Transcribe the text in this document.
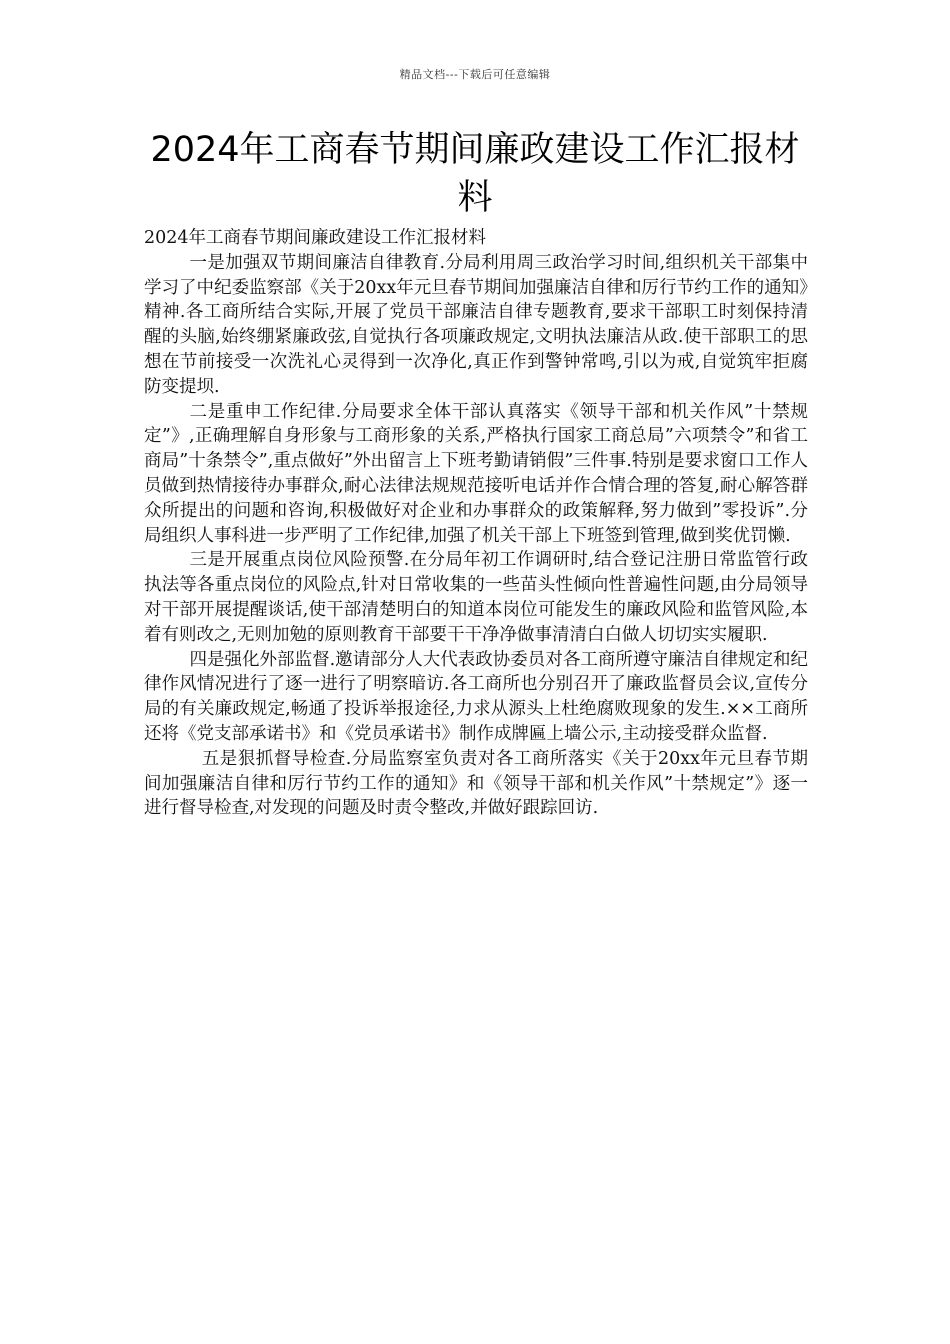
精品文档---下载后可任意编辑
2024年工商春节期间廉政建设工作汇报材料

2024年工商春节期间廉政建设工作汇报材料

一是加强双节期间廉洁自律教育.分局利用周三政治学习时间,组织机关干部集中学习了中纪委监察部《关于20xx年元旦春节期间加强廉洁自律和厉行节约工作的通知》精神.各工商所结合实际,开展了党员干部廉洁自律专题教育,要求干部职工时刻保持清醒的头脑,始终绷紧廉政弦,自觉执行各项廉政规定,文明执法廉洁从政.使干部职工的思想在节前接受一次洗礼心灵得到一次净化,真正作到警钟常鸣,引以为戒,自觉筑牢拒腐防变提坝.

二是重申工作纪律.分局要求全体干部认真落实《领导干部和机关作风”十禁规定”》,正确理解自身形象与工商形象的关系,严格执行国家工商总局”六项禁令”和省工商局”十条禁令”,重点做好”外出留言上下班考勤请销假”三件事.特别是要求窗口工作人员做到热情接待办事群众,耐心法律法规规范接听电话并作合情合理的答复,耐心解答群众所提出的问题和咨询,积极做好对企业和办事群众的政策解释,努力做到”零投诉”.分局组织人事科进一步严明了工作纪律,加强了机关干部上下班签到管理,做到奖优罚懒.

三是开展重点岗位风险预警.在分局年初工作调研时,结合登记注册日常监管行政执法等各重点岗位的风险点,针对日常收集的一些苗头性倾向性普遍性问题,由分局领导对干部开展提醒谈话,使干部清楚明白的知道本岗位可能发生的廉政风险和监管风险,本着有则改之,无则加勉的原则教育干部要干干净净做事清清白白做人切切实实履职.

四是强化外部监督.邀请部分人大代表政协委员对各工商所遵守廉洁自律规定和纪律作风情况进行了逐一进行了明察暗访.各工商所也分别召开了廉政监督员会议,宣传分局的有关廉政规定,畅通了投诉举报途径,力求从源头上杜绝腐败现象的发生.××工商所还将《党支部承诺书》和《党员承诺书》制作成牌匾上墙公示,主动接受群众监督.

五是狠抓督导检查.分局监察室负责对各工商所落实《关于20xx年元旦春节期间加强廉洁自律和厉行节约工作的通知》和《领导干部和机关作风”十禁规定”》逐一进行督导检查,对发现的问题及时责令整改,并做好跟踪回访.
